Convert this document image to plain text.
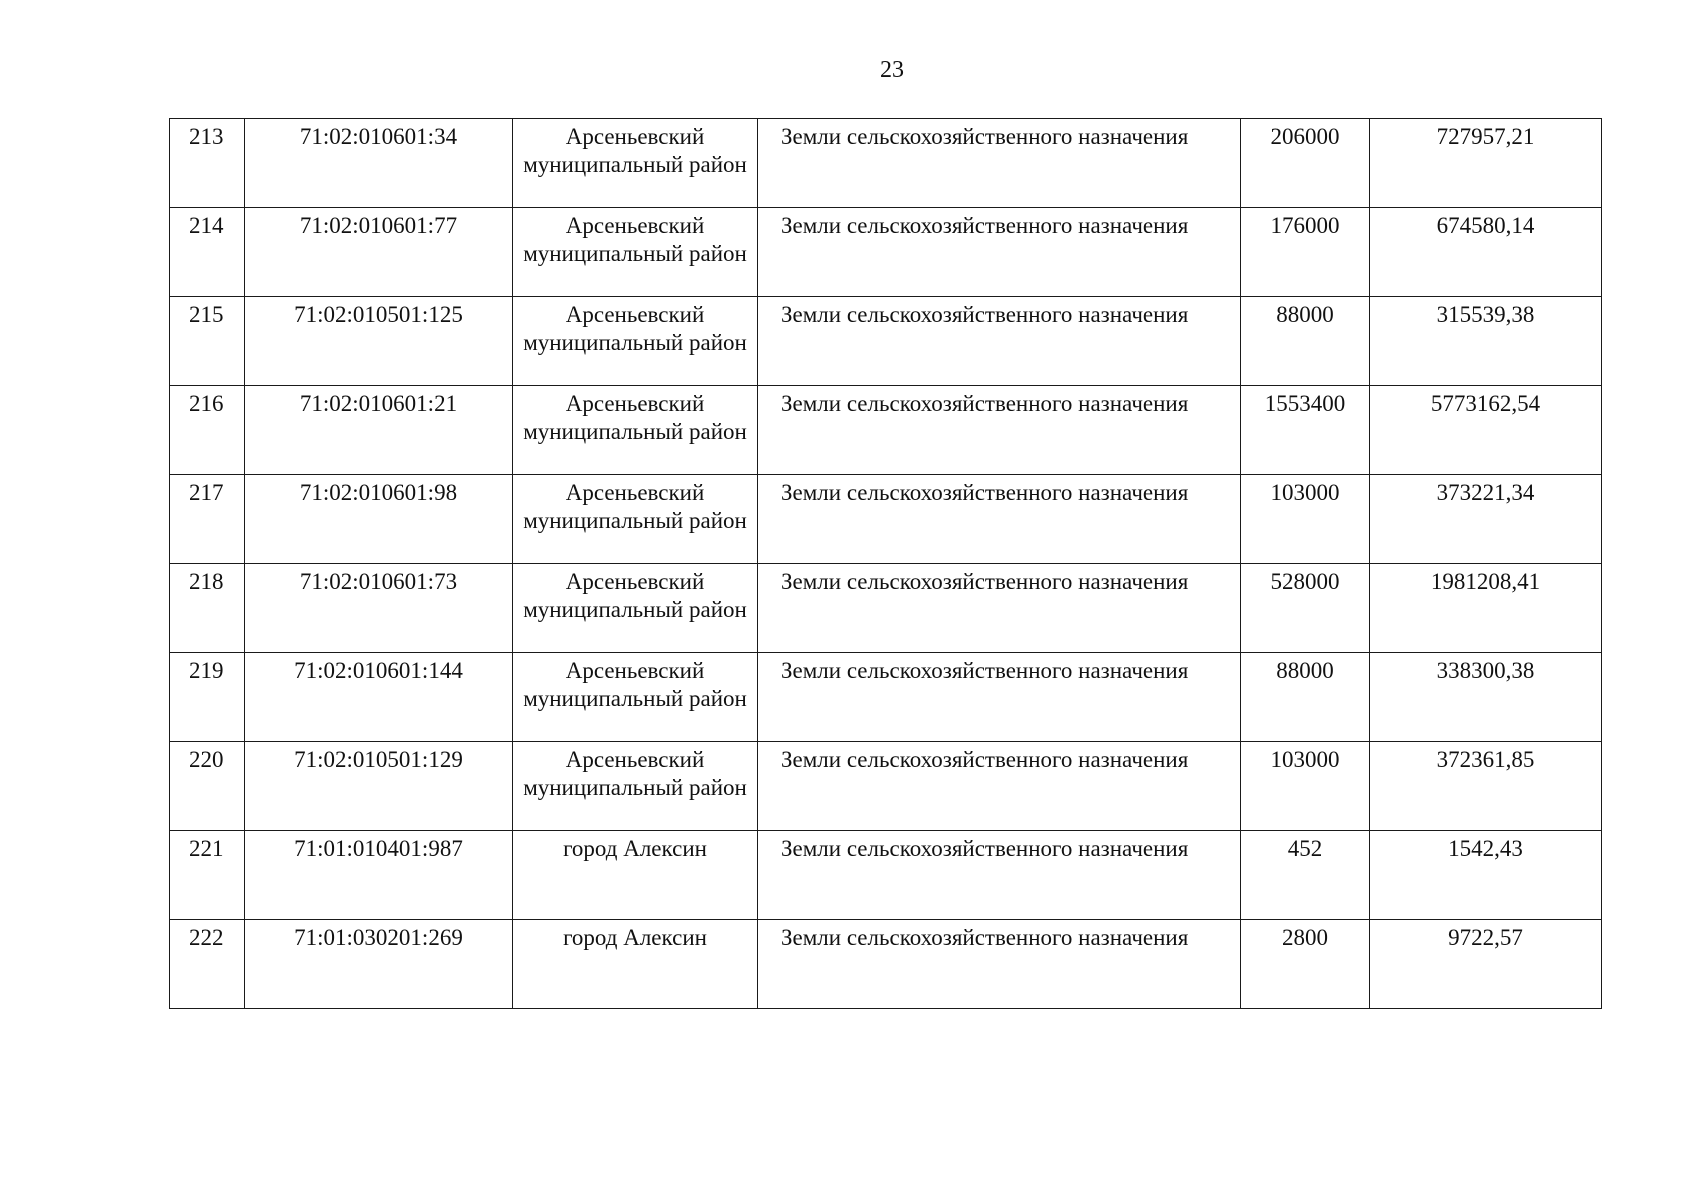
23
213	71:02:010601:34	Арсеньевский муниципальный район	Земли сельскохозяйственного назначения	206000	727957,21
214	71:02:010601:77	Арсеньевский муниципальный район	Земли сельскохозяйственного назначения	176000	674580,14
215	71:02:010501:125	Арсеньевский муниципальный район	Земли сельскохозяйственного назначения	88000	315539,38
216	71:02:010601:21	Арсеньевский муниципальный район	Земли сельскохозяйственного назначения	1553400	5773162,54
217	71:02:010601:98	Арсеньевский муниципальный район	Земли сельскохозяйственного назначения	103000	373221,34
218	71:02:010601:73	Арсеньевский муниципальный район	Земли сельскохозяйственного назначения	528000	1981208,41
219	71:02:010601:144	Арсеньевский муниципальный район	Земли сельскохозяйственного назначения	88000	338300,38
220	71:02:010501:129	Арсеньевский муниципальный район	Земли сельскохозяйственного назначения	103000	372361,85
221	71:01:010401:987	город Алексин	Земли сельскохозяйственного назначения	452	1542,43
222	71:01:030201:269	город Алексин	Земли сельскохозяйственного назначения	2800	9722,57
